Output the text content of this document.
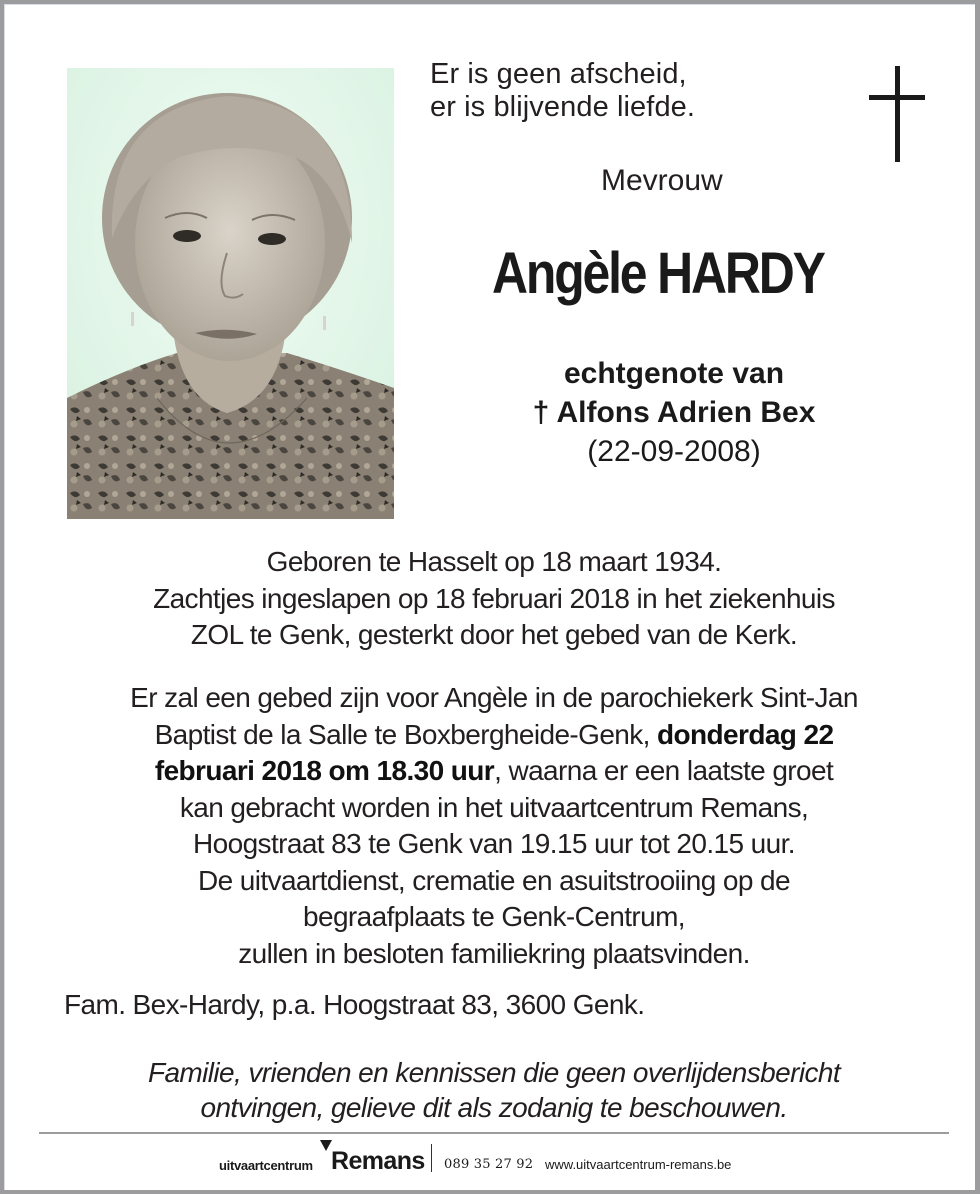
Er is geen afscheid,
er is blijvende liefde.
Mevrouw
Angèle HARDY
echtgenote van
† Alfons Adrien Bex
(22-09-2008)
Geboren te Hasselt op 18 maart 1934.
Zachtjes ingeslapen op 18 februari 2018 in het ziekenhuis
ZOL te Genk, gesterkt door het gebed van de Kerk.
Er zal een gebed zijn voor Angèle in de parochiekerk Sint-Jan
Baptist de la Salle te Boxbergheide-Genk, donderdag 22
februari 2018 om 18.30 uur, waarna er een laatste groet
kan gebracht worden in het uitvaartcentrum Remans,
Hoogstraat 83 te Genk van 19.15 uur tot 20.15 uur.
De uitvaartdienst, crematie en asuitstrooiing op de
begraafplaats te Genk-Centrum,
zullen in besloten familiekring plaatsvinden.
Fam. Bex-Hardy, p.a. Hoogstraat 83, 3600 Genk.
Familie, vrienden en kennissen die geen overlijdensbericht
ontvingen, gelieve dit als zodanig te beschouwen.
uitvaartcentrum Remans 089 35 27 92 www.uitvaartcentrum-remans.be
